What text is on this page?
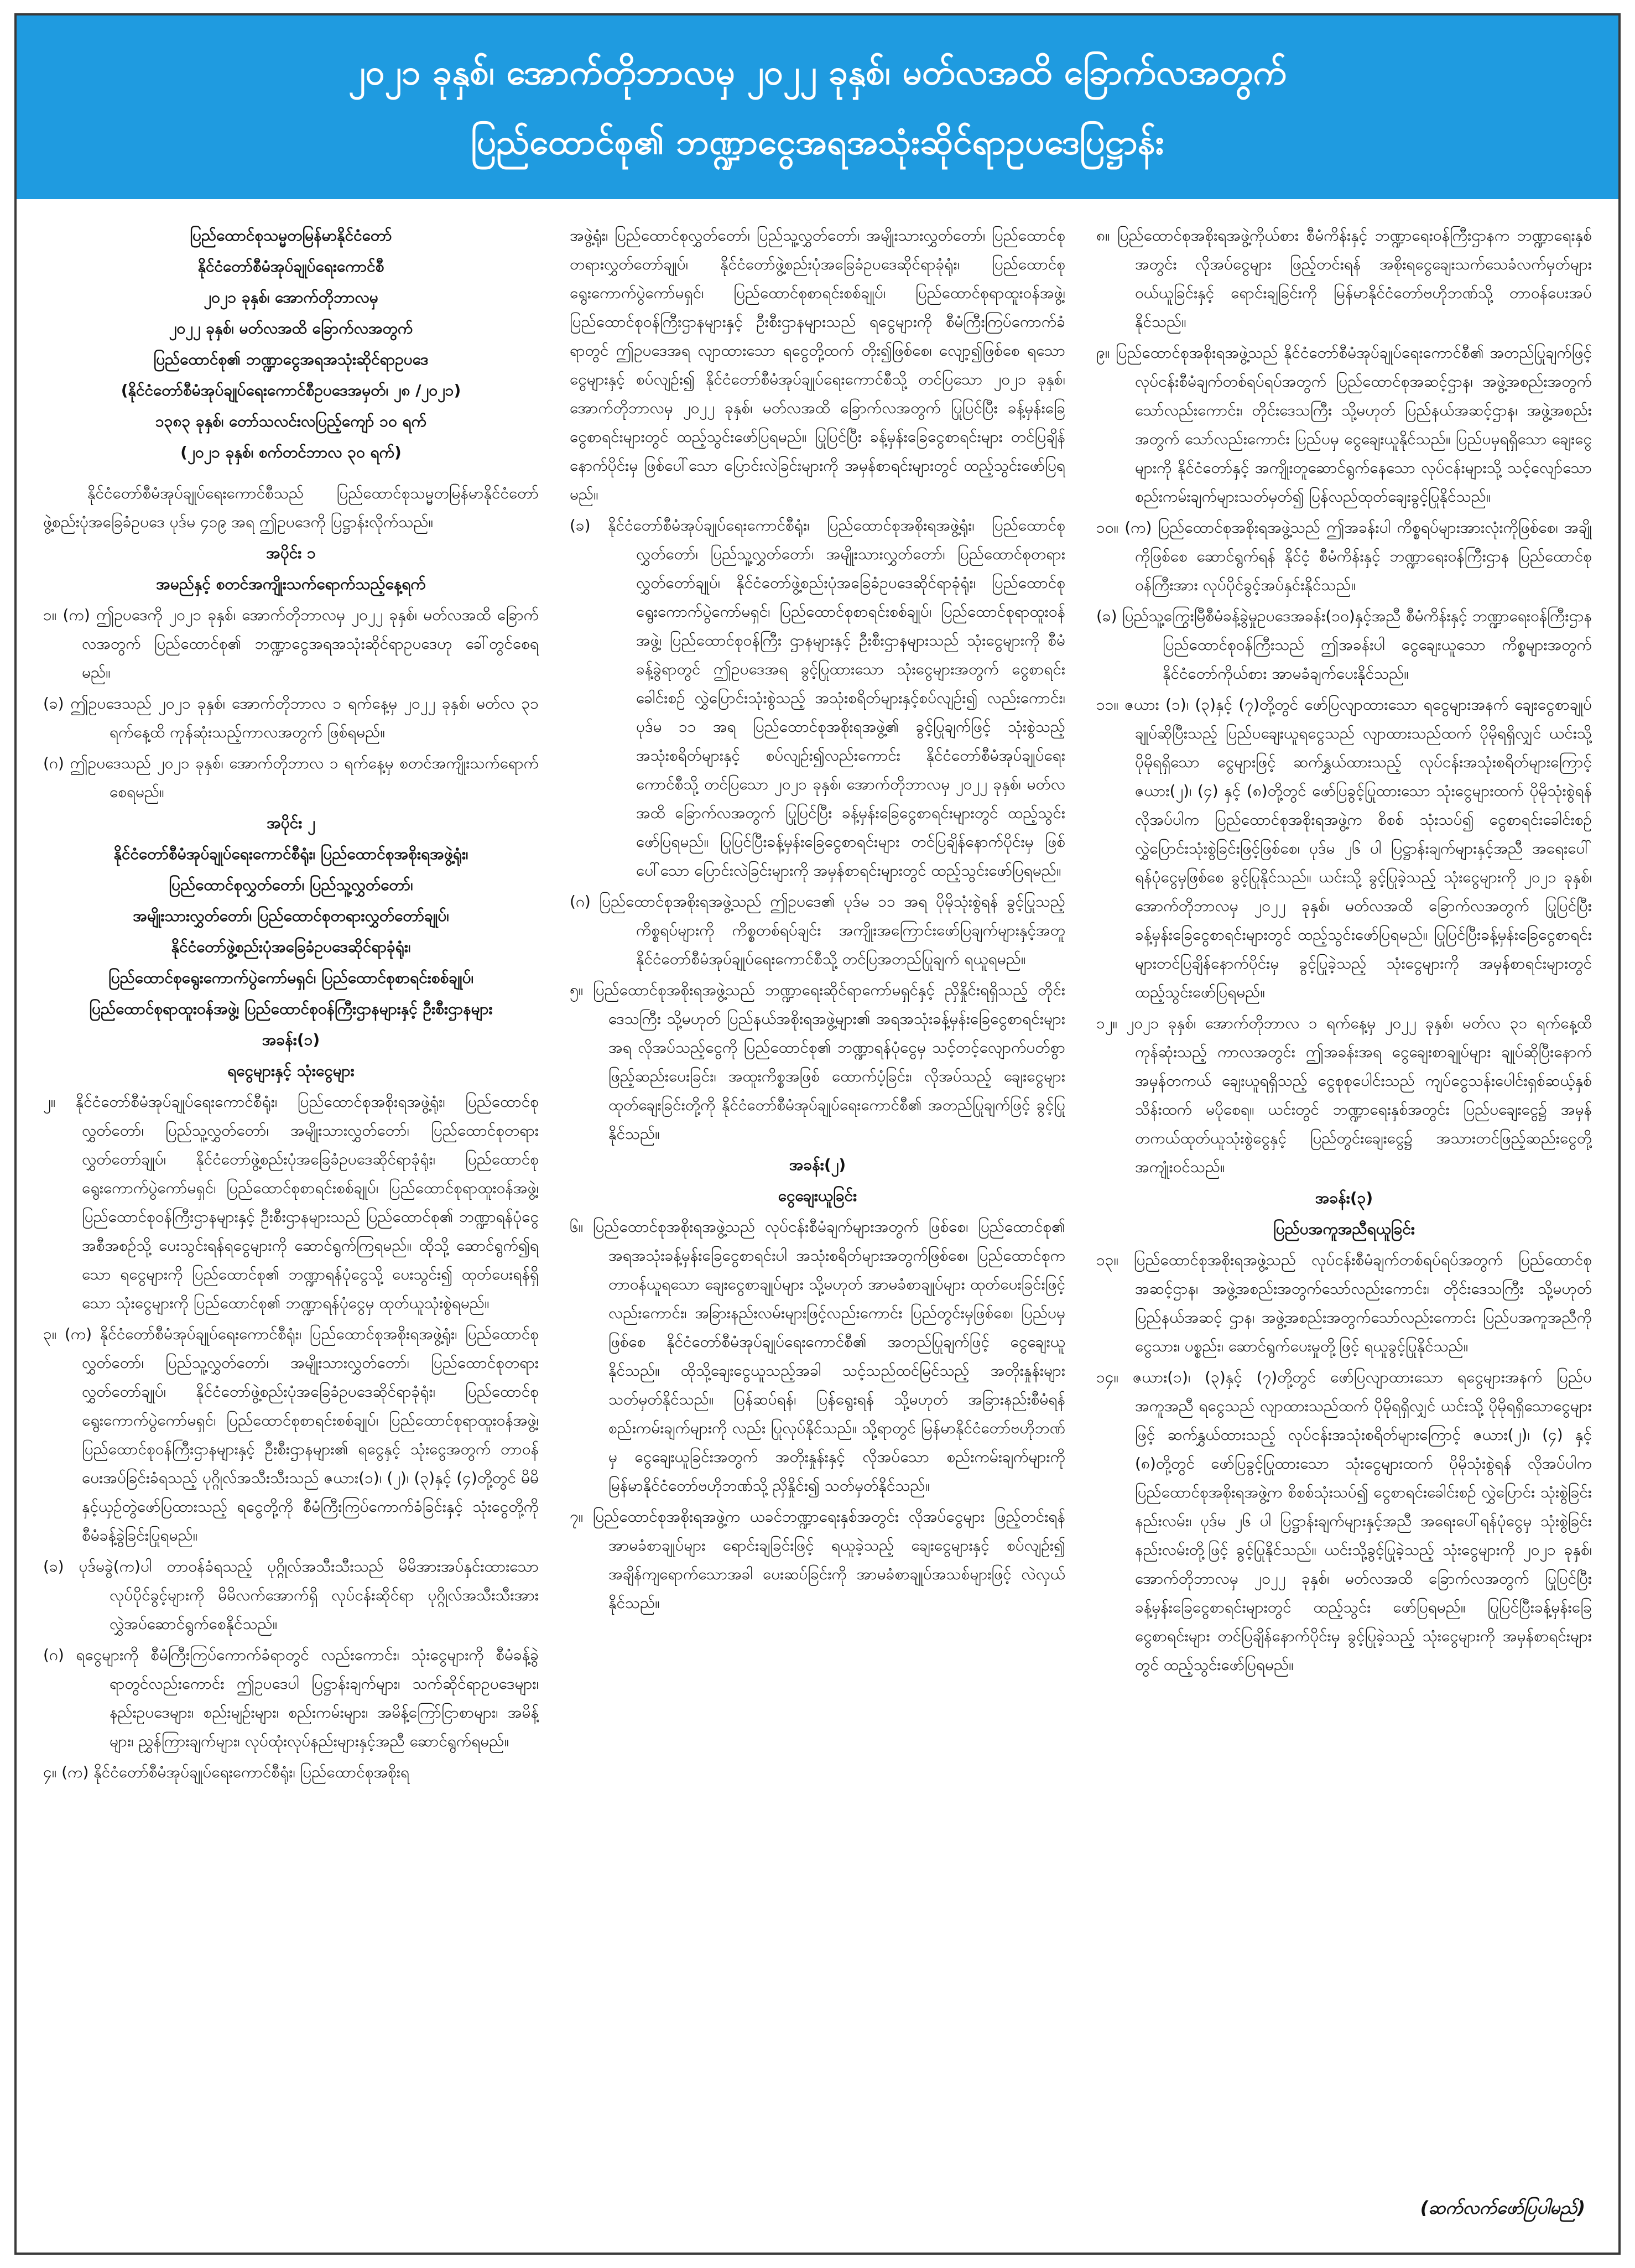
၂၀၂၁ ခုနှစ်၊ အောက်တိုဘာလမှ ၂၀၂၂ ခုနှစ်၊ မတ်လအထိ ခြောက်လအတွက်
ပြည်ထောင်စု၏ ဘဏ္ဍာငွေအရအသုံးဆိုင်ရာဥပဒေပြဋ္ဌာန်း

ပြည်ထောင်စုသမ္မတမြန်မာနိုင်ငံတော်

နိုင်ငံတော်စီမံအုပ်ချုပ်ရေးကောင်စီ

၂၀၂၁ ခုနှစ်၊ အောက်တိုဘာလမှ

၂၀၂၂ ခုနှစ်၊ မတ်လအထိ ခြောက်လအတွက်

ပြည်ထောင်စု၏ ဘဏ္ဍာငွေအရအသုံးဆိုင်ရာဥပဒေ

(နိုင်ငံတော်စီမံအုပ်ချုပ်ရေးကောင်စီဥပဒေအမှတ်၊ ၂၈ /၂၀၂၁)

၁၃၈၃ ခုနှစ်၊ တော်သလင်းလပြည့်ကျော် ၁၀ ရက်

(၂၀၂၁ ခုနှစ်၊ စက်တင်ဘာလ ၃၀ ရက်)

နိုင်ငံတော်စီမံအုပ်ချုပ်ရေးကောင်စီသည် ပြည်ထောင်စုသမ္မတမြန်မာနိုင်ငံတော် ဖွဲ့စည်းပုံအခြေခံဥပဒေ ပုဒ်မ ၄၁၉ အရ ဤဥပဒေကို ပြဋ္ဌာန်းလိုက်သည်။

အပိုင်း ၁

အမည်နှင့် စတင်အကျိုးသက်ရောက်သည့်နေ့ရက်

၁။ (က) ဤဥပဒေကို ၂၀၂၁ ခုနှစ်၊ အောက်တိုဘာလမှ ၂၀၂၂ ခုနှစ်၊ မတ်လအထိ ခြောက်လအတွက် ပြည်ထောင်စု၏ ဘဏ္ဍာငွေအရအသုံးဆိုင်ရာဥပဒေဟု ခေါ်တွင်စေရမည်။

(ခ) ဤဥပဒေသည် ၂၀၂၁ ခုနှစ်၊ အောက်တိုဘာလ ၁ ရက်နေ့မှ ၂၀၂၂ ခုနှစ်၊ မတ်လ ၃၁ ရက်နေ့ထိ ကုန်ဆုံးသည့်ကာလအတွက် ဖြစ်ရမည်။

(ဂ) ဤဥပဒေသည် ၂၀၂၁ ခုနှစ်၊ အောက်တိုဘာလ ၁ ရက်နေ့မှ စတင်အကျိုးသက်ရောက် စေရမည်။

အပိုင်း ၂

နိုင်ငံတော်စီမံအုပ်ချုပ်ရေးကောင်စီရုံး၊ ပြည်ထောင်စုအစိုးရအဖွဲ့ရုံး၊

ပြည်ထောင်စုလွှတ်တော်၊ ပြည်သူ့လွှတ်တော်၊

အမျိုးသားလွှတ်တော်၊ ပြည်ထောင်စုတရားလွှတ်တော်ချုပ်၊

နိုင်ငံတော်ဖွဲ့စည်းပုံအခြေခံဥပဒေဆိုင်ရာခုံရုံး၊

ပြည်ထောင်စုရွေးကောက်ပွဲကော်မရှင်၊ ပြည်ထောင်စုစာရင်းစစ်ချုပ်၊

ပြည်ထောင်စုရာထူးဝန်အဖွဲ့၊ ပြည်ထောင်စုဝန်ကြီးဌာနများနှင့် ဦးစီးဌာနများ

အခန်း(၁)

ရငွေများနှင့် သုံးငွေများ

၂။ နိုင်ငံတော်စီမံအုပ်ချုပ်ရေးကောင်စီရုံး၊ ပြည်ထောင်စုအစိုးရအဖွဲ့ရုံး၊ ပြည်ထောင်စုလွှတ်တော်၊ ပြည်သူ့လွှတ်တော်၊ အမျိုးသားလွှတ်တော်၊ ပြည်ထောင်စုတရားလွှတ်တော်ချုပ်၊ နိုင်ငံတော်ဖွဲ့စည်းပုံအခြေခံဥပဒေဆိုင်ရာခုံရုံး၊ ပြည်ထောင်စုရွေးကောက်ပွဲကော်မရှင်၊ ပြည်ထောင်စုစာရင်းစစ်ချုပ်၊ ပြည်ထောင်စုရာထူးဝန်အဖွဲ့၊ ပြည်ထောင်စုဝန်ကြီးဌာနများနှင့် ဦးစီးဌာနများသည် ပြည်ထောင်စု၏ ဘဏ္ဍာရန်ပုံငွေအစီအစဉ်သို့ ပေးသွင်းရန်ရငွေများကို ဆောင်ရွက်ကြရမည်။ ထိုသို့ ဆောင်ရွက်၍ရသော ရငွေများကို ပြည်ထောင်စု၏ ဘဏ္ဍာရန်ပုံငွေသို့ ပေးသွင်း၍ ထုတ်ပေးရန်ရှိသော သုံးငွေများကို ပြည်ထောင်စု၏ ဘဏ္ဍာရန်ပုံငွေမှ ထုတ်ယူသုံးစွဲရမည်။

၃။ (က) နိုင်ငံတော်စီမံအုပ်ချုပ်ရေးကောင်စီရုံး၊ ပြည်ထောင်စုအစိုးရအဖွဲ့ရုံး၊ ပြည်ထောင်စုလွှတ်တော်၊ ပြည်သူ့လွှတ်တော်၊ အမျိုးသားလွှတ်တော်၊ ပြည်ထောင်စုတရားလွှတ်တော်ချုပ်၊ နိုင်ငံတော်ဖွဲ့စည်းပုံအခြေခံဥပဒေဆိုင်ရာခုံရုံး၊ ပြည်ထောင်စုရွေးကောက်ပွဲကော်မရှင်၊ ပြည်ထောင်စုစာရင်းစစ်ချုပ်၊ ပြည်ထောင်စုရာထူးဝန်အဖွဲ့၊ ပြည်ထောင်စုဝန်ကြီးဌာနများနှင့် ဦးစီးဌာနများ၏ ရငွေနှင့် သုံးငွေအတွက် တာဝန်ပေးအပ်ခြင်းခံရသည့် ပုဂ္ဂိုလ်အသီးသီးသည် ဇယား(၁)၊ (၂)၊ (၃)နှင့် (၄)တို့တွင် မိမိနှင့်ယှဉ်တွဲဖော်ပြထားသည့် ရငွေတို့ကို စီမံကြီးကြပ်ကောက်ခံခြင်းနှင့် သုံးငွေတို့ကို စီမံခန့်ခွဲခြင်းပြုရမည်။

(ခ) ပုဒ်မခွဲ(က)ပါ တာဝန်ခံရသည့် ပုဂ္ဂိုလ်အသီးသီးသည် မိမိအားအပ်နှင်းထားသော လုပ်ပိုင်ခွင့်များကို မိမိလက်အောက်ရှိ လုပ်ငန်းဆိုင်ရာ ပုဂ္ဂိုလ်အသီးသီးအား လွှဲအပ်ဆောင်ရွက်စေနိုင်သည်။

(ဂ) ရငွေများကို စီမံကြီးကြပ်ကောက်ခံရာတွင် လည်းကောင်း၊ သုံးငွေများကို စီမံခန့်ခွဲရာတွင်လည်းကောင်း ဤဥပဒေပါ ပြဋ္ဌာန်းချက်များ၊ သက်ဆိုင်ရာဥပဒေများ၊ နည်းဥပဒေများ၊ စည်းမျဉ်းများ၊ စည်းကမ်းများ၊ အမိန့်ကြော်ငြာစာများ၊ အမိန့်များ၊ ညွှန်ကြားချက်များ၊ လုပ်ထုံးလုပ်နည်းများနှင့်အညီ ဆောင်ရွက်ရမည်။

၄။ (က) နိုင်ငံတော်စီမံအုပ်ချုပ်ရေးကောင်စီရုံး၊ ပြည်ထောင်စုအစိုးရ

အဖွဲ့ရုံး၊ ပြည်ထောင်စုလွှတ်တော်၊ ပြည်သူ့လွှတ်တော်၊ အမျိုးသားလွှတ်တော်၊ ပြည်ထောင်စုတရားလွှတ်တော်ချုပ်၊ နိုင်ငံတော်ဖွဲ့စည်းပုံအခြေခံဥပဒေဆိုင်ရာခုံရုံး၊ ပြည်ထောင်စုရွေးကောက်ပွဲကော်မရှင်၊ ပြည်ထောင်စုစာရင်းစစ်ချုပ်၊ ပြည်ထောင်စုရာထူးဝန်အဖွဲ့၊ ပြည်ထောင်စုဝန်ကြီးဌာနများနှင့် ဦးစီးဌာနများသည် ရငွေများကို စီမံကြီးကြပ်ကောက်ခံရာတွင် ဤဥပဒေအရ လျာထားသော ရငွေတို့ထက် တိုး၍ဖြစ်စေ၊ လျော့၍ဖြစ်စေ ရသောငွေများနှင့် စပ်လျဉ်း၍ နိုင်ငံတော်စီမံအုပ်ချုပ်ရေးကောင်စီသို့ တင်ပြသော ၂၀၂၁ ခုနှစ်၊ အောက်တိုဘာလမှ ၂၀၂၂ ခုနှစ်၊ မတ်လအထိ ခြောက်လအတွက် ပြုပြင်ပြီး ခန့်မှန်းခြေငွေစာရင်းများတွင် ထည့်သွင်းဖော်ပြရမည်။ ပြုပြင်ပြီး ခန့်မှန်းခြေငွေစာရင်းများ တင်ပြချိန်နောက်ပိုင်းမှ ဖြစ်ပေါ်သော ပြောင်းလဲခြင်းများကို အမှန်စာရင်းများတွင် ထည့်သွင်းဖော်ပြရမည်။

(ခ) နိုင်ငံတော်စီမံအုပ်ချုပ်ရေးကောင်စီရုံး၊ ပြည်ထောင်စုအစိုးရအဖွဲ့ရုံး၊ ပြည်ထောင်စုလွှတ်တော်၊ ပြည်သူ့လွှတ်တော်၊ အမျိုးသားလွှတ်တော်၊ ပြည်ထောင်စုတရားလွှတ်တော်ချုပ်၊ နိုင်ငံတော်ဖွဲ့စည်းပုံအခြေခံဥပဒေဆိုင်ရာခုံရုံး၊ ပြည်ထောင်စုရွေးကောက်ပွဲကော်မရှင်၊ ပြည်ထောင်စုစာရင်းစစ်ချုပ်၊ ပြည်ထောင်စုရာထူးဝန်အဖွဲ့၊ ပြည်ထောင်စုဝန်ကြီး ဌာနများနှင့် ဦးစီးဌာနများသည် သုံးငွေများကို စီမံခန့်ခွဲရာတွင် ဤဥပဒေအရ ခွင့်ပြုထားသော သုံးငွေများအတွက် ငွေစာရင်းခေါင်းစဉ် လွှဲပြောင်းသုံးစွဲသည့် အသုံးစရိတ်များနှင့်စပ်လျဉ်း၍ လည်းကောင်း၊ ပုဒ်မ ၁၁ အရ ပြည်ထောင်စုအစိုးရအဖွဲ့၏ ခွင့်ပြုချက်ဖြင့် သုံးစွဲသည့် အသုံးစရိတ်များနှင့် စပ်လျဉ်း၍လည်းကောင်း နိုင်ငံတော်စီမံအုပ်ချုပ်ရေးကောင်စီသို့ တင်ပြသော ၂၀၂၁ ခုနှစ်၊ အောက်တိုဘာလမှ ၂၀၂၂ ခုနှစ်၊ မတ်လအထိ ခြောက်လအတွက် ပြုပြင်ပြီး ခန့်မှန်းခြေငွေစာရင်းများတွင် ထည့်သွင်းဖော်ပြရမည်။ ပြုပြင်ပြီးခန့်မှန်းခြေငွေစာရင်းများ တင်ပြချိန်နောက်ပိုင်းမှ ဖြစ်ပေါ်သော ပြောင်းလဲခြင်းများကို အမှန်စာရင်းများတွင် ထည့်သွင်းဖော်ပြရမည်။

(ဂ) ပြည်ထောင်စုအစိုးရအဖွဲ့သည် ဤဥပဒေ၏ ပုဒ်မ ၁၁ အရ ပိုမိုသုံးစွဲရန် ခွင့်ပြုသည့် ကိစ္စရပ်များကို ကိစ္စတစ်ရပ်ချင်း အကျိုးအကြောင်းဖော်ပြချက်များနှင့်အတူ နိုင်ငံတော်စီမံအုပ်ချုပ်ရေးကောင်စီသို့ တင်ပြအတည်ပြုချက် ရယူရမည်။

၅။ ပြည်ထောင်စုအစိုးရအဖွဲ့သည် ဘဏ္ဍာရေးဆိုင်ရာကော်မရှင်နှင့် ညှိနှိုင်းရရှိသည့် တိုင်းဒေသကြီး သို့မဟုတ် ပြည်နယ်အစိုးရအဖွဲ့များ၏ အရအသုံးခန့်မှန်းခြေငွေစာရင်းများအရ လိုအပ်သည့်ငွေကို ပြည်ထောင်စု၏ ဘဏ္ဍာရန်ပုံငွေမှ သင့်တင့်လျောက်ပတ်စွာ ဖြည့်ဆည်းပေးခြင်း၊ အထူးကိစ္စအဖြစ် ထောက်ပံ့ခြင်း၊ လိုအပ်သည့် ချေးငွေများ ထုတ်ချေးခြင်းတို့ကို နိုင်ငံတော်စီမံအုပ်ချုပ်ရေးကောင်စီ၏ အတည်ပြုချက်ဖြင့် ခွင့်ပြုနိုင်သည်။

အခန်း(၂)

ငွေချေးယူခြင်း

၆။ ပြည်ထောင်စုအစိုးရအဖွဲ့သည် လုပ်ငန်းစီမံချက်များအတွက် ဖြစ်စေ၊ ပြည်ထောင်စု၏ အရအသုံးခန့်မှန်းခြေငွေစာရင်းပါ အသုံးစရိတ်များအတွက်ဖြစ်စေ၊ ပြည်ထောင်စုက တာဝန်ယူရသော ချေးငွေစာချုပ်များ သို့မဟုတ် အာမခံစာချုပ်များ ထုတ်ပေးခြင်းဖြင့် လည်းကောင်း၊ အခြားနည်းလမ်းများဖြင့်လည်းကောင်း ပြည်တွင်းမှဖြစ်စေ၊ ပြည်ပမှဖြစ်စေ နိုင်ငံတော်စီမံအုပ်ချုပ်ရေးကောင်စီ၏ အတည်ပြုချက်ဖြင့် ငွေချေးယူနိုင်သည်။ ထိုသို့ချေးငွေယူသည့်အခါ သင့်သည်ထင်မြင်သည့် အတိုးနှုန်းများသတ်မှတ်နိုင်သည်။ ပြန်ဆပ်ရန်၊ ပြန်ရွေးရန် သို့မဟုတ် အခြားနည်းစီမံရန် စည်းကမ်းချက်များကို လည်း ပြုလုပ်နိုင်သည်။ သို့ရာတွင် မြန်မာနိုင်ငံတော်ဗဟိုဘဏ်မှ ငွေချေးယူခြင်းအတွက် အတိုးနှုန်းနှင့် လိုအပ်သော စည်းကမ်းချက်များကို မြန်မာနိုင်ငံတော်ဗဟိုဘဏ်သို့ ညှိနှိုင်း၍ သတ်မှတ်နိုင်သည်။

၇။ ပြည်ထောင်စုအစိုးရအဖွဲ့က ယခင်ဘဏ္ဍာရေးနှစ်အတွင်း လိုအပ်ငွေများ ဖြည့်တင်းရန် အာမခံစာချုပ်များ ရောင်းချခြင်းဖြင့် ရယူခဲ့သည့် ချေးငွေများနှင့် စပ်လျဉ်း၍ အချိန်ကျရောက်သောအခါ ပေးဆပ်ခြင်းကို အာမခံစာချုပ်အသစ်များဖြင့် လဲလှယ်နိုင်သည်။

၈။ ပြည်ထောင်စုအစိုးရအဖွဲ့ကိုယ်စား စီမံကိန်းနှင့် ဘဏ္ဍာရေးဝန်ကြီးဌာနက ဘဏ္ဍာရေးနှစ်အတွင်း လိုအပ်ငွေများ ဖြည့်တင်းရန် အစိုးရငွေချေးသက်သေခံလက်မှတ်များ ဝယ်ယူခြင်းနှင့် ရောင်းချခြင်းကို မြန်မာနိုင်ငံတော်ဗဟိုဘဏ်သို့ တာဝန်ပေးအပ်နိုင်သည်။

၉။ ပြည်ထောင်စုအစိုးရအဖွဲ့သည် နိုင်ငံတော်စီမံအုပ်ချုပ်ရေးကောင်စီ၏ အတည်ပြုချက်ဖြင့် လုပ်ငန်းစီမံချက်တစ်ရပ်ရပ်အတွက် ပြည်ထောင်စုအဆင့်ဌာန၊ အဖွဲ့အစည်းအတွက်သော်လည်းကောင်း၊ တိုင်းဒေသကြီး သို့မဟုတ် ပြည်နယ်အဆင့်ဌာန၊ အဖွဲ့အစည်းအတွက် သော်လည်းကောင်း ပြည်ပမှ ငွေချေးယူနိုင်သည်။ ပြည်ပမှရရှိသော ချေးငွေများကို နိုင်ငံတော်နှင့် အကျိုးတူဆောင်ရွက်နေသော လုပ်ငန်းများသို့ သင့်လျော်သော စည်းကမ်းချက်များသတ်မှတ်၍ ပြန်လည်ထုတ်ချေးခွင့်ပြုနိုင်သည်။

၁၀။ (က) ပြည်ထောင်စုအစိုးရအဖွဲ့သည် ဤအခန်းပါ ကိစ္စရပ်များအားလုံးကိုဖြစ်စေ၊ အချို့ကိုဖြစ်စေ ဆောင်ရွက်ရန် နိုင်ငံ့ စီမံကိန်းနှင့် ဘဏ္ဍာရေးဝန်ကြီးဌာန ပြည်ထောင်စုဝန်ကြီးအား လုပ်ပိုင်ခွင့်အပ်နှင်းနိုင်သည်။

(ခ) ပြည်သူ့ကြွေးမြီစီမံခန့်ခွဲမှုဥပဒေအခန်း(၁၀)နှင့်အညီ စီမံကိန်းနှင့် ဘဏ္ဍာရေးဝန်ကြီးဌာန ပြည်ထောင်စုဝန်ကြီးသည် ဤအခန်းပါ ငွေချေးယူသော ကိစ္စများအတွက် နိုင်ငံတော်ကိုယ်စား အာမခံချက်ပေးနိုင်သည်။

၁၁။ ဇယား (၁)၊ (၃)နှင့် (၇)တို့တွင် ဖော်ပြလျာထားသော ရငွေများအနက် ချေးငွေစာချုပ် ချုပ်ဆိုပြီးသည့် ပြည်ပချေးယူရငွေသည် လျာထားသည်ထက် ပိုမိုရရှိလျှင် ယင်းသို့ ပိုမိုရရှိသော ငွေများဖြင့် ဆက်နွှယ်ထားသည့် လုပ်ငန်းအသုံးစရိတ်များကြောင့် ဇယား(၂)၊ (၄) နှင့် (၈)တို့တွင် ဖော်ပြခွင့်ပြုထားသော သုံးငွေများထက် ပိုမိုသုံးစွဲရန် လိုအပ်ပါက ပြည်ထောင်စုအစိုးရအဖွဲ့က စိစစ် သုံးသပ်၍ ငွေစာရင်းခေါင်းစဉ်လွှဲပြောင်းသုံးစွဲခြင်းဖြင့်ဖြစ်စေ၊ ပုဒ်မ ၂၆ ပါ ပြဋ္ဌာန်းချက်များနှင့်အညီ အရေးပေါ်ရန်ပုံငွေမှဖြစ်စေ ခွင့်ပြုနိုင်သည်။ ယင်းသို့ ခွင့်ပြုခဲ့သည့် သုံးငွေများကို ၂၀၂၁ ခုနှစ်၊ အောက်တိုဘာလမှ ၂၀၂၂ ခုနှစ်၊ မတ်လအထိ ခြောက်လအတွက် ပြုပြင်ပြီးခန့်မှန်းခြေငွေစာရင်းများတွင် ထည့်သွင်းဖော်ပြရမည်။ ပြုပြင်ပြီးခန့်မှန်းခြေငွေစာရင်းများတင်ပြချိန်နောက်ပိုင်းမှ ခွင့်ပြုခဲ့သည့် သုံးငွေများကို အမှန်စာရင်းများတွင် ထည့်သွင်းဖော်ပြရမည်။

၁၂။ ၂၀၂၁ ခုနှစ်၊ အောက်တိုဘာလ ၁ ရက်နေ့မှ ၂၀၂၂ ခုနှစ်၊ မတ်လ ၃၁ ရက်နေ့ထိ ကုန်ဆုံးသည့် ကာလအတွင်း ဤအခန်းအရ ငွေချေးစာချုပ်များ ချုပ်ဆိုပြီးနောက် အမှန်တကယ် ချေးယူရရှိသည့် ငွေစုစုပေါင်းသည် ကျပ်ငွေသန်းပေါင်းရှစ်ဆယ့်နှစ်သိန်းထက် မပိုစေရ။ ယင်းတွင် ဘဏ္ဍာရေးနှစ်အတွင်း ပြည်ပချေးငွေ၌ အမှန်တကယ်ထုတ်ယူသုံးစွဲငွေနှင့် ပြည်တွင်းချေးငွေ၌ အသားတင်ဖြည့်ဆည်းငွေတို့ အကျုံးဝင်သည်။

အခန်း(၃)

ပြည်ပအကူအညီရယူခြင်း

၁၃။ ပြည်ထောင်စုအစိုးရအဖွဲ့သည် လုပ်ငန်းစီမံချက်တစ်ရပ်ရပ်အတွက် ပြည်ထောင်စုအဆင့်ဌာန၊ အဖွဲ့အစည်းအတွက်သော်လည်းကောင်း၊ တိုင်းဒေသကြီး သို့မဟုတ် ပြည်နယ်အဆင့် ဌာန၊ အဖွဲ့အစည်းအတွက်သော်လည်းကောင်း ပြည်ပအကူအညီကို ငွေသား၊ ပစ္စည်း၊ ဆောင်ရွက်ပေးမှုတို့ဖြင့် ရယူခွင့်ပြုနိုင်သည်။

၁၄။ ဇယား(၁)၊ (၃)နှင့် (၇)တို့တွင် ဖော်ပြလျာထားသော ရငွေများအနက် ပြည်ပအကူအညီ ရငွေသည် လျာထားသည်ထက် ပိုမိုရရှိလျှင် ယင်းသို့ ပိုမိုရရှိသောငွေများဖြင့် ဆက်နွှယ်ထားသည့် လုပ်ငန်းအသုံးစရိတ်များကြောင့် ဇယား(၂)၊ (၄) နှင့် (၈)တို့တွင် ဖော်ပြခွင့်ပြုထားသော သုံးငွေများထက် ပိုမိုသုံးစွဲရန် လိုအပ်ပါက ပြည်ထောင်စုအစိုးရအဖွဲ့က စိစစ်သုံးသပ်၍ ငွေစာရင်းခေါင်းစဉ် လွှဲပြောင်း သုံးစွဲခြင်းနည်းလမ်း၊ ပုဒ်မ ၂၆ ပါ ပြဋ္ဌာန်းချက်များနှင့်အညီ အရေးပေါ်ရန်ပုံငွေမှ သုံးစွဲခြင်းနည်းလမ်းတို့ဖြင့် ခွင့်ပြုနိုင်သည်။ ယင်းသို့ခွင့်ပြုခဲ့သည့် သုံးငွေများကို ၂၀၂၁ ခုနှစ်၊ အောက်တိုဘာလမှ ၂၀၂၂ ခုနှစ်၊ မတ်လအထိ ခြောက်လအတွက် ပြုပြင်ပြီးခန့်မှန်းခြေငွေစာရင်းများတွင် ထည့်သွင်း ဖော်ပြရမည်။ ပြုပြင်ပြီးခန့်မှန်းခြေငွေစာရင်းများ တင်ပြချိန်နောက်ပိုင်းမှ ခွင့်ပြုခဲ့သည့် သုံးငွေများကို အမှန်စာရင်းများတွင် ထည့်သွင်းဖော်ပြရမည်။

(ဆက်လက်ဖော်ပြပါမည်)
